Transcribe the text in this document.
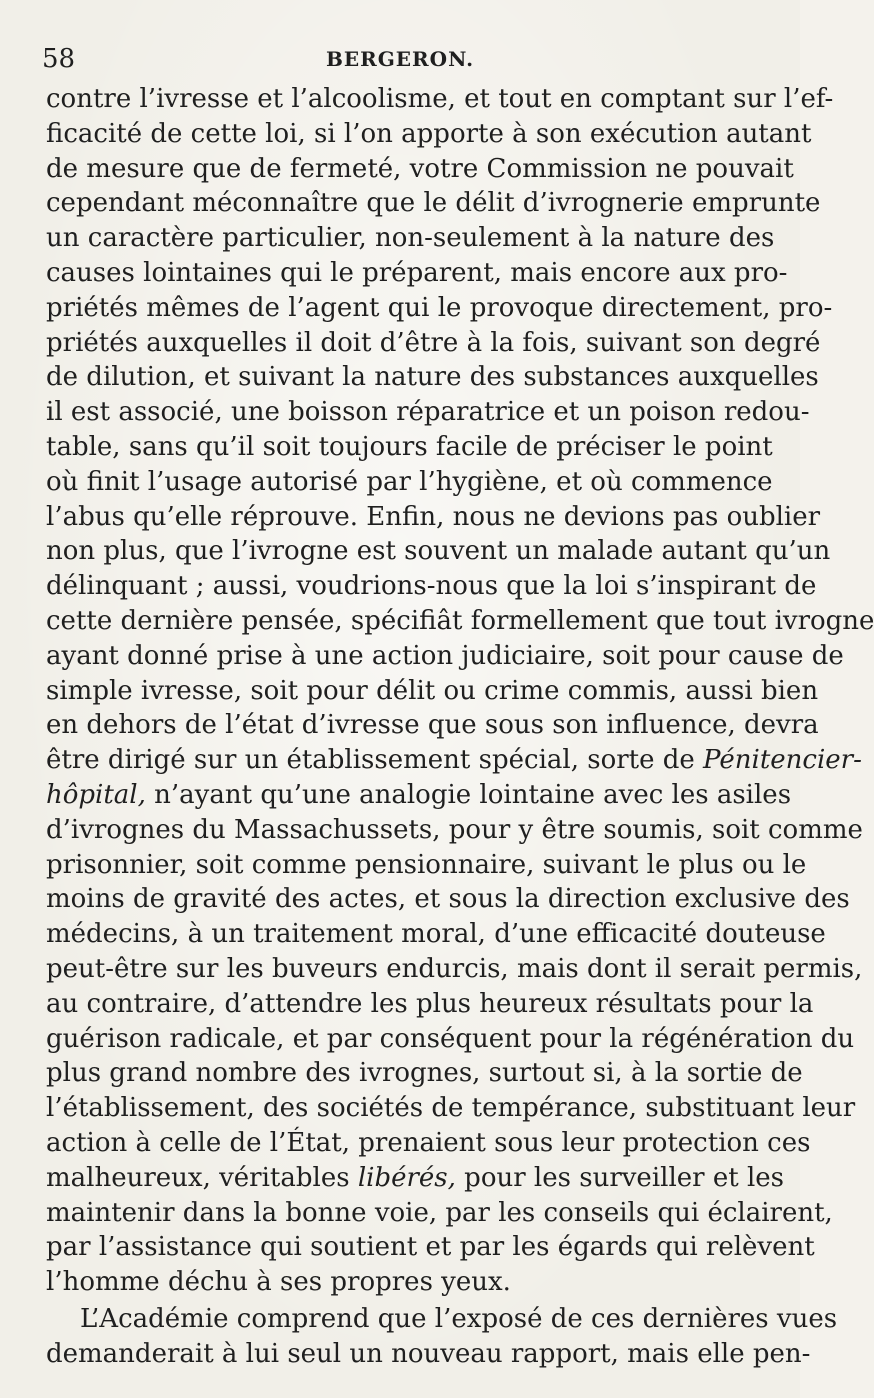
58	BERGERON.
contre l’ivresse et l’alcoolisme, et tout en comptant sur l’ef-
ficacité de cette loi, si l’on apporte à son exécution autant
de mesure que de fermeté, votre Commission ne pouvait
cependant méconnaître que le délit d’ivrognerie emprunte
un caractère particulier, non-seulement à la nature des
causes lointaines qui le préparent, mais encore aux pro-
priétés mêmes de l’agent qui le provoque directement, pro-
priétés auxquelles il doit d’être à la fois, suivant son degré
de dilution, et suivant la nature des substances auxquelles
il est associé, une boisson réparatrice et un poison redou-
table, sans qu’il soit toujours facile de préciser le point
où finit l’usage autorisé par l’hygiène, et où commence
l’abus qu’elle réprouve. Enfin, nous ne devions pas oublier
non plus, que l’ivrogne est souvent un malade autant qu’un
délinquant ; aussi, voudrions-nous que la loi s’inspirant de
cette dernière pensée, spécifiât formellement que tout ivrogne
ayant donné prise à une action judiciaire, soit pour cause de
simple ivresse, soit pour délit ou crime commis, aussi bien
en dehors de l’état d’ivresse que sous son influence, devra
être dirigé sur un établissement spécial, sorte de Pénitencier-
hôpital, n’ayant qu’une analogie lointaine avec les asiles
d’ivrognes du Massachussets, pour y être soumis, soit comme
prisonnier, soit comme pensionnaire, suivant le plus ou le
moins de gravité des actes, et sous la direction exclusive des
médecins, à un traitement moral, d’une efficacité douteuse
peut-être sur les buveurs endurcis, mais dont il serait permis,
au contraire, d’attendre les plus heureux résultats pour la
guérison radicale, et par conséquent pour la régénération du
plus grand nombre des ivrognes, surtout si, à la sortie de
l’établissement, des sociétés de tempérance, substituant leur
action à celle de l’État, prenaient sous leur protection ces
malheureux, véritables libérés, pour les surveiller et les
maintenir dans la bonne voie, par les conseils qui éclairent,
par l’assistance qui soutient et par les égards qui relèvent
l’homme déchu à ses propres yeux.
L’Académie comprend que l’exposé de ces dernières vues
demanderait à lui seul un nouveau rapport, mais elle pen-
